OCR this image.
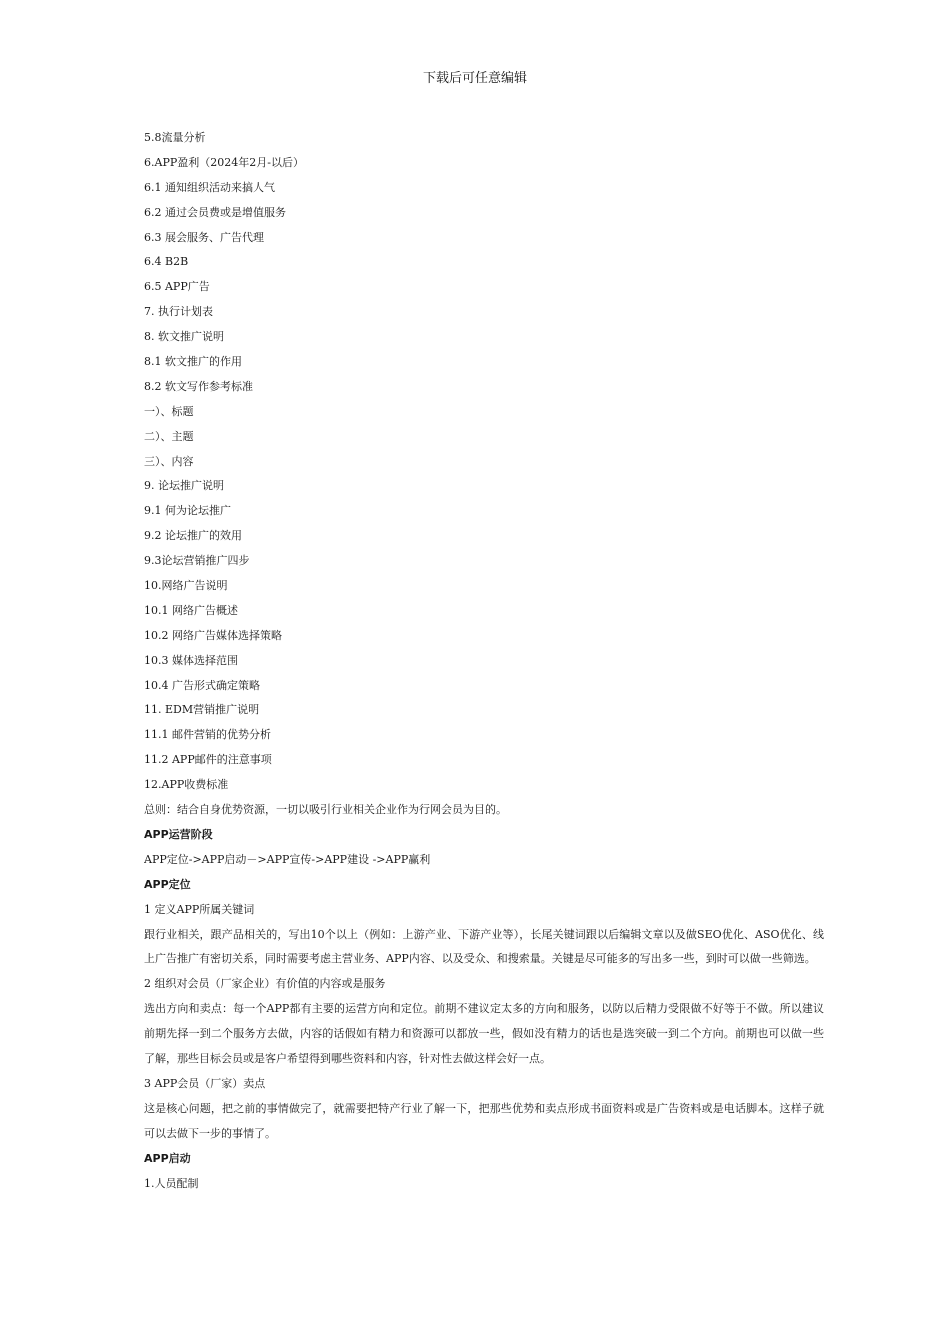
下载后可任意编辑
5.8流量分析
6.APP盈利（2024年2月-以后）
6.1 通知组织活动来搞人气
6.2 通过会员费或是增值服务
6.3 展会服务、广告代理
6.4 B2B
6.5 APP广告
7. 执行计划表
8. 软文推广说明
8.1 软文推广的作用
8.2 软文写作参考标准
一）、标题
二）、主题
三）、内容
9. 论坛推广说明
9.1 何为论坛推广
9.2 论坛推广的效用
9.3论坛营销推广四步
10.网络广告说明
10.1 网络广告概述
10.2 网络广告媒体选择策略
10.3 媒体选择范围
10.4 广告形式确定策略
11. EDM营销推广说明
11.1 邮件营销的优势分析
11.2 APP邮件的注意事项
12.APP收费标准
总则：结合自身优势资源，一切以吸引行业相关企业作为行网会员为目的。
APP运营阶段
APP定位->APP启动－>APP宣传->APP建设 ->APP赢利
APP定位
1 定义APP所属关键词
跟行业相关，跟产品相关的，写出10个以上（例如：上游产业、下游产业等），长尾关键词跟以后编辑文章以及做SEO优化、ASO优化、线上广告推广有密切关系，同时需要考虑主营业务、APP内容、以及受众、和搜索量。关键是尽可能多的写出多一些，到时可以做一些筛选。
2 组织对会员（厂家企业）有价值的内容或是服务
选出方向和卖点：每一个APP都有主要的运营方向和定位。前期不建议定太多的方向和服务，以防以后精力受限做不好等于不做。所以建议前期先择一到二个服务方去做，内容的话假如有精力和资源可以都放一些，假如没有精力的话也是选突破一到二个方向。前期也可以做一些了解，那些目标会员或是客户希望得到哪些资料和内容，针对性去做这样会好一点。
3 APP会员（厂家）卖点
这是核心问题，把之前的事情做完了，就需要把特产行业了解一下，把那些优势和卖点形成书面资料或是广告资料或是电话脚本。这样子就可以去做下一步的事情了。
APP启动
1.人员配制
